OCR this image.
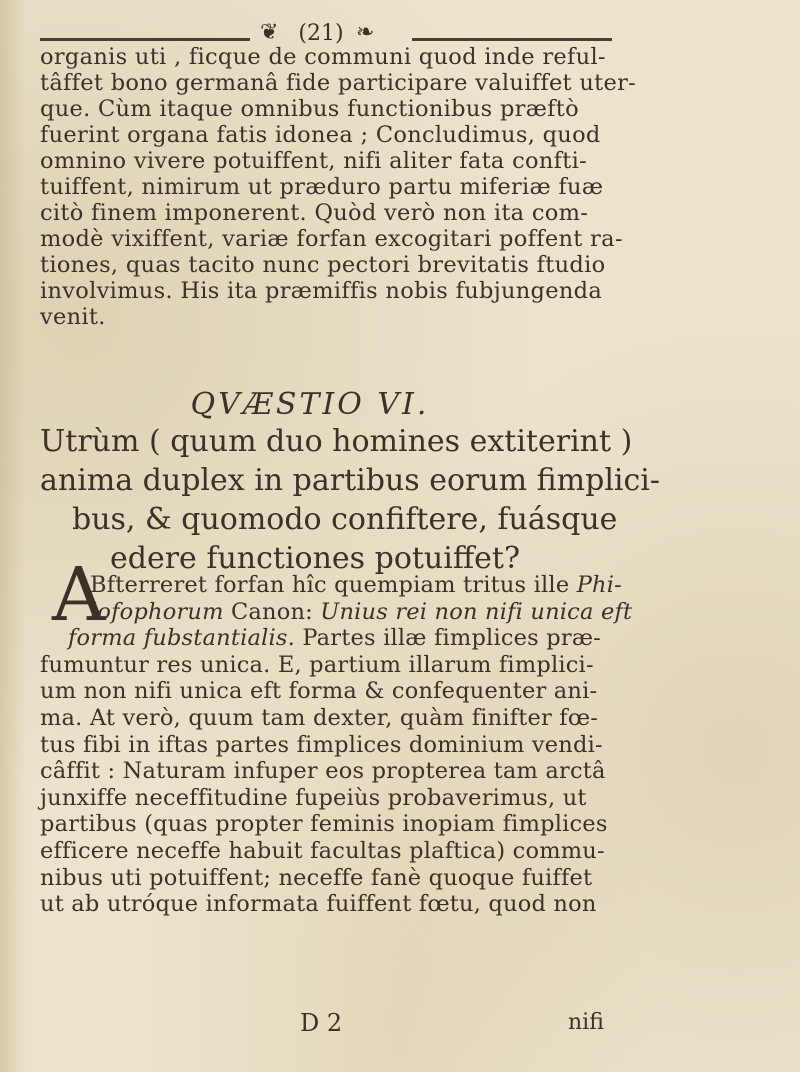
❦ (21) ❧
organis uti , ficque de communi quod inde reful-
tâffet bono germanâ fide participare valuiffet uter-
que. Cùm itaque omnibus functionibus præftò
fuerint organa fatis idonea ; Concludimus, quod
omnino vivere potuiffent, nifi aliter fata confti-
tuiffent, nimirum ut præduro partu miferiæ fuæ
citò finem imponerent. Quòd verò non ita com-
modè vixiffent, variæ forfan excogitari poffent ra-
tiones, quas tacito nunc pectori brevitatis ftudio
involvimus. His ita præmiffis nobis fubjungenda
venit.
QVÆSTIO VI.
Utrùm ( quum duo homines extiterint )
anima duplex in partibus eorum fimplici-
bus, & quomodo confiftere, fuásque
edere functiones potuiffet?
A
Bfterreret forfan hîc quempiam tritus ille Phi-
lofophorum Canon: Unius rei non nifi unica eft
forma fubstantialis. Partes illæ fimplices præ-
fumuntur res unica. E, partium illarum fimplici-
um non nifi unica eft forma & confequenter ani-
ma. At verò, quum tam dexter, quàm finifter fœ-
tus fibi in iftas partes fimplices dominium vendi-
câffit : Naturam infuper eos propterea tam arctâ
junxiffe neceffitudine fupeiùs probaverimus, ut
partibus (quas propter feminis inopiam fimplices
efficere neceffe habuit facultas plaftica) commu-
nibus uti potuiffent; neceffe fanè quoque fuiffet
ut ab utróque informata fuiffent fœtu, quod non
D 2	nifi
